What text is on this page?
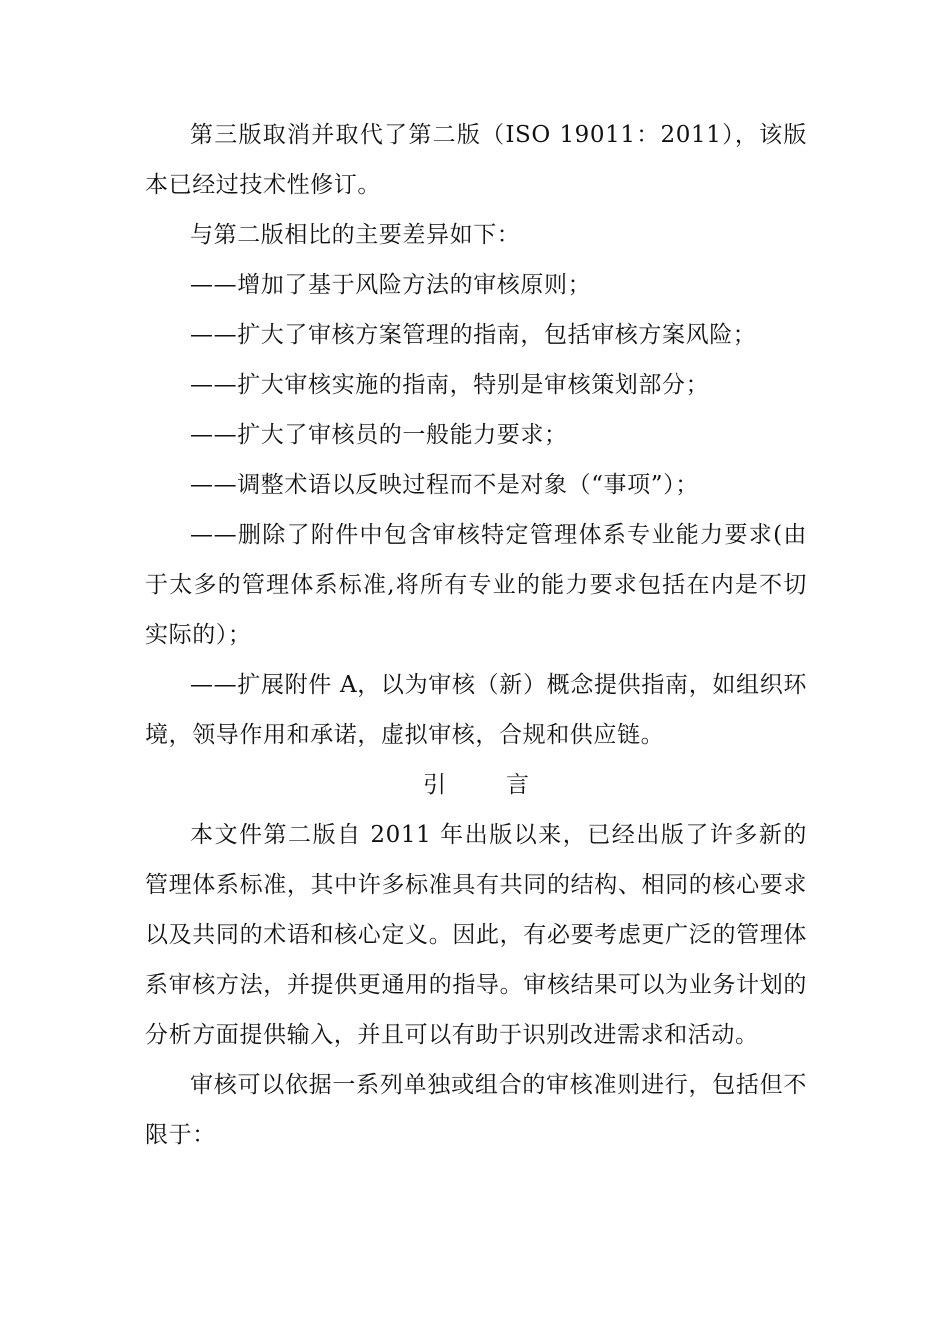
第三版取消并取代了第二版（ISO 19011：2011），该版本已经过技术性修订。

与第二版相比的主要差异如下：

——增加了基于风险方法的审核原则；

——扩大了审核方案管理的指南，包括审核方案风险；

——扩大审核实施的指南，特别是审核策划部分；

——扩大了审核员的一般能力要求；

——调整术语以反映过程而不是对象（“事项”）；

——删除了附件中包含审核特定管理体系专业能力要求(由于太多的管理体系标准,将所有专业的能力要求包括在内是不切实际的）；

——扩展附件 A，以为审核（新）概念提供指南，如组织环境，领导作用和承诺，虚拟审核，合规和供应链。

引言

本文件第二版自 2011 年出版以来，已经出版了许多新的管理体系标准，其中许多标准具有共同的结构、相同的核心要求以及共同的术语和核心定义。因此，有必要考虑更广泛的管理体系审核方法，并提供更通用的指导。审核结果可以为业务计划的分析方面提供输入，并且可以有助于识别改进需求和活动。

审核可以依据一系列单独或组合的审核准则进行，包括但不限于：
